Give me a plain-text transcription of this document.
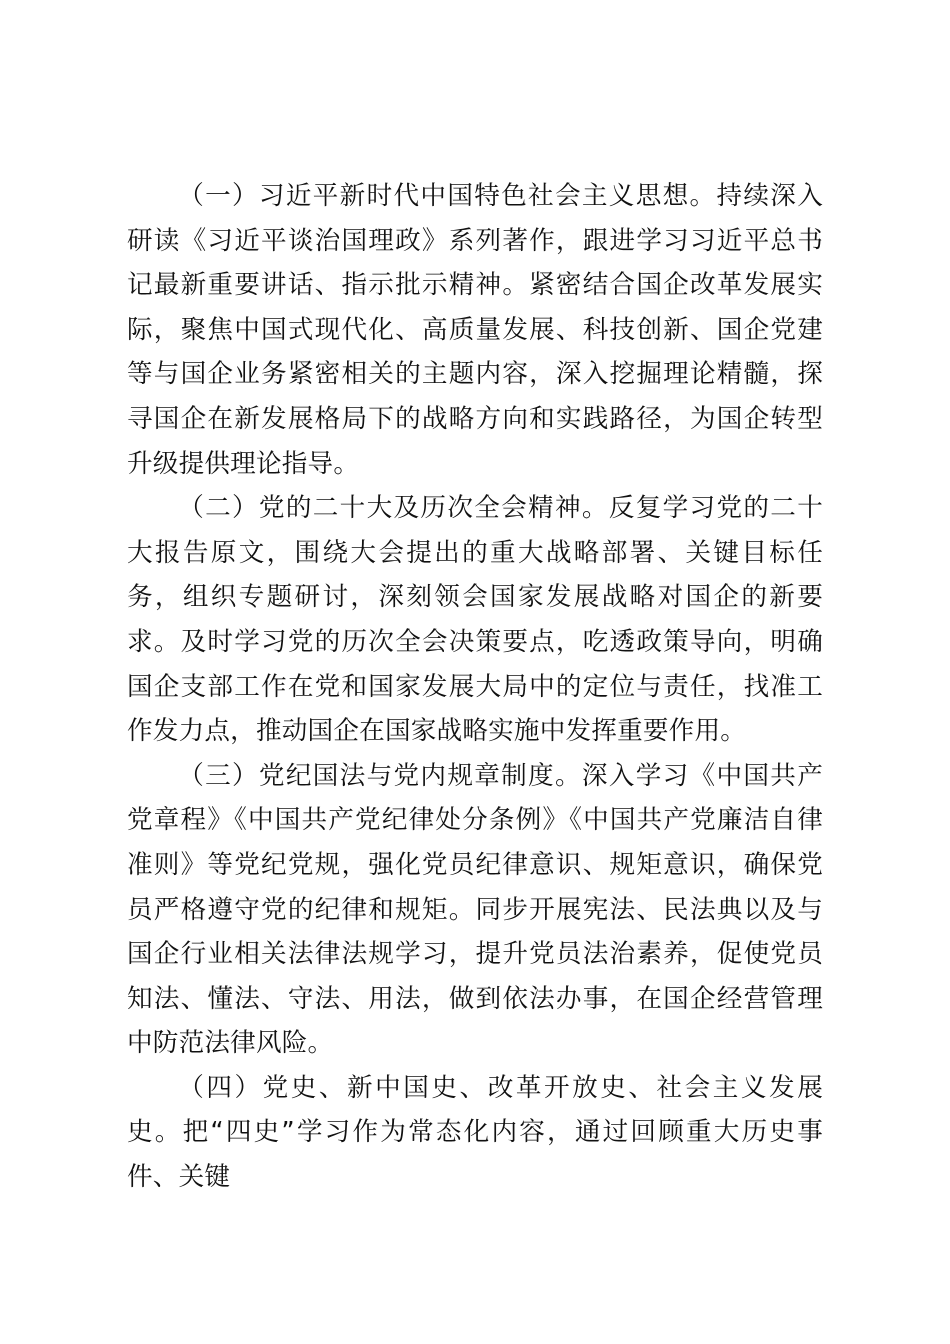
（一）习近平新时代中国特色社会主义思想。持续深入研读《习近平谈治国理政》系列著作，跟进学习习近平总书记最新重要讲话、指示批示精神。紧密结合国企改革发展实际，聚焦中国式现代化、高质量发展、科技创新、国企党建等与国企业务紧密相关的主题内容，深入挖掘理论精髓，探寻国企在新发展格局下的战略方向和实践路径，为国企转型升级提供理论指导。

（二）党的二十大及历次全会精神。反复学习党的二十大报告原文，围绕大会提出的重大战略部署、关键目标任务，组织专题研讨，深刻领会国家发展战略对国企的新要求。及时学习党的历次全会决策要点，吃透政策导向，明确国企支部工作在党和国家发展大局中的定位与责任，找准工作发力点，推动国企在国家战略实施中发挥重要作用。

（三）党纪国法与党内规章制度。深入学习《中国共产党章程》《中国共产党纪律处分条例》《中国共产党廉洁自律准则》等党纪党规，强化党员纪律意识、规矩意识，确保党员严格遵守党的纪律和规矩。同步开展宪法、民法典以及与国企行业相关法律法规学习，提升党员法治素养，促使党员知法、懂法、守法、用法，做到依法办事，在国企经营管理中防范法律风险。

（四）党史、新中国史、改革开放史、社会主义发展史。把“四史”学习作为常态化内容，通过回顾重大历史事件、关键
